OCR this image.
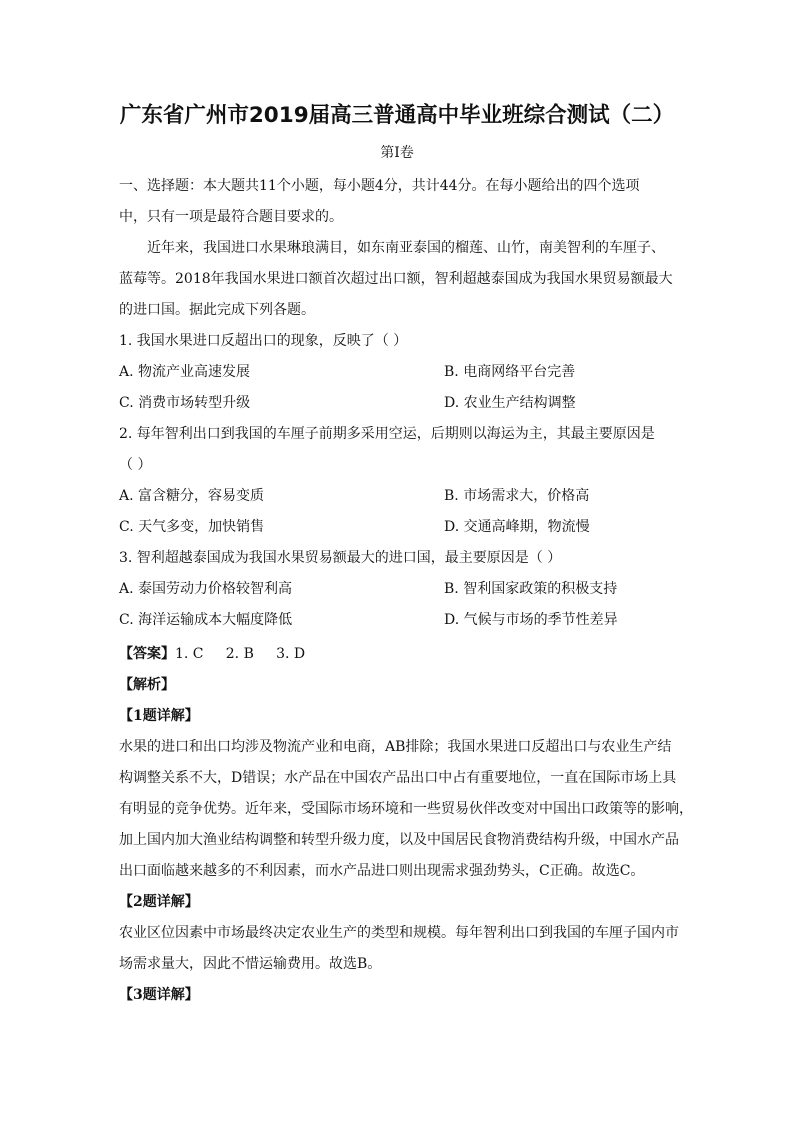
广东省广州市2019届高三普通高中毕业班综合测试（二）
第I卷
一、选择题：本大题共11个小题，每小题4分，共计44分。在每小题给出的四个选项
中，只有一项是最符合题目要求的。
近年来，我国进口水果琳琅满目，如东南亚泰国的榴莲、山竹，南美智利的车厘子、
蓝莓等。2018年我国水果进口额首次超过出口额，智利超越泰国成为我国水果贸易额最大
的进口国。据此完成下列各题。
1. 我国水果进口反超出口的现象，反映了（ ）
A. 物流产业高速发展	B. 电商网络平台完善
C. 消费市场转型升级	D. 农业生产结构调整
2. 每年智利出口到我国的车厘子前期多采用空运，后期则以海运为主，其最主要原因是
（ ）
A. 富含糖分，容易变质	B. 市场需求大，价格高
C. 天气多变，加快销售	D. 交通高峰期，物流慢
3. 智利超越泰国成为我国水果贸易额最大的进口国，最主要原因是（ ）
A. 泰国劳动力价格较智利高	B. 智利国家政策的积极支持
C. 海洋运输成本大幅度降低	D. 气候与市场的季节性差异
【答案】1. C     2. B     3. D
【解析】
【1题详解】
水果的进口和出口均涉及物流产业和电商，AB排除；我国水果进口反超出口与农业生产结
构调整关系不大，D错误；水产品在中国农产品出口中占有重要地位，一直在国际市场上具
有明显的竞争优势。近年来，受国际市场环境和一些贸易伙伴改变对中国出口政策等的影响，
加上国内加大渔业结构调整和转型升级力度，以及中国居民食物消费结构升级，中国水产品
出口面临越来越多的不利因素，而水产品进口则出现需求强劲势头，C正确。故选C。
【2题详解】
农业区位因素中市场最终决定农业生产的类型和规模。每年智利出口到我国的车厘子国内市
场需求量大，因此不惜运输费用。故选B。
【3题详解】
